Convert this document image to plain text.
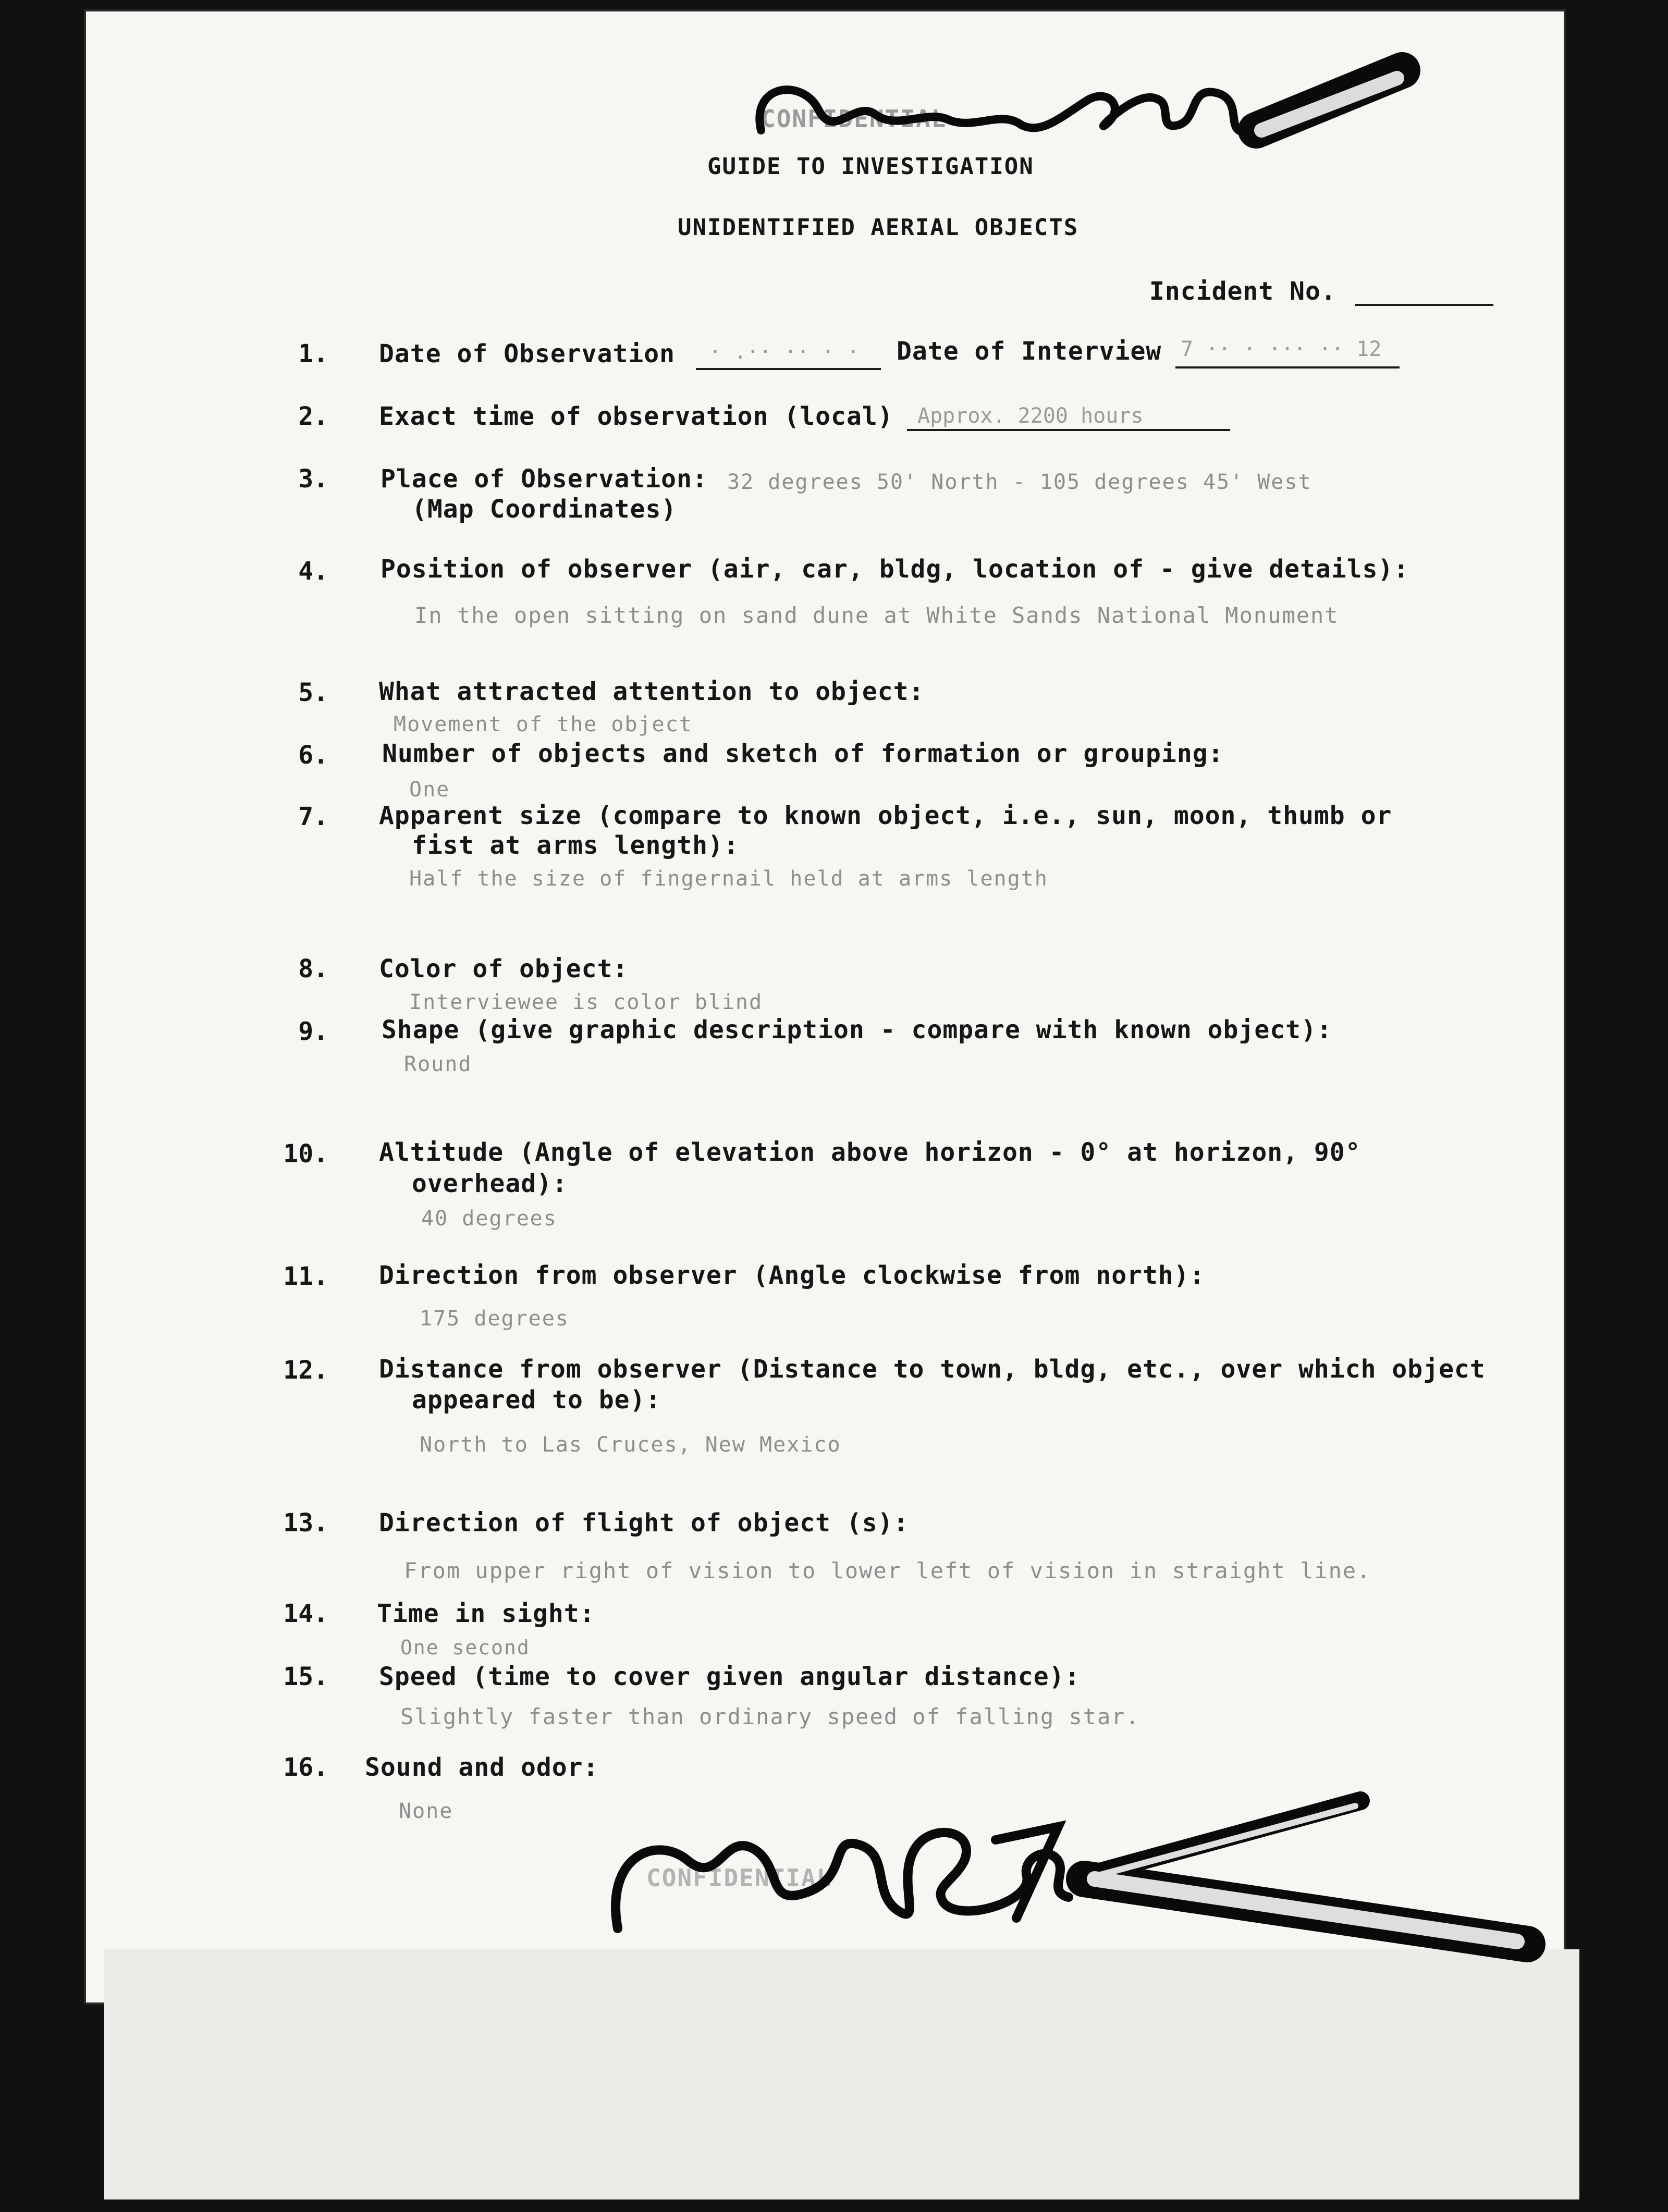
CONFIDENTIAL
GUIDE TO INVESTIGATION
UNIDENTIFIED AERIAL OBJECTS
Incident No.
1. Date of Observation · .·· ·· · · Date of Interview 7 ·· · ··· ·· 12
2. Exact time of observation (local) Approx. 2200 hours
3. Place of Observation: 32 degrees 50' North - 105 degrees 45' West
(Map Coordinates)
4. Position of observer (air, car, bldg, location of - give details):
In the open sitting on sand dune at White Sands National Monument
5. What attracted attention to object:
Movement of the object
6. Number of objects and sketch of formation or grouping:
One
7. Apparent size (compare to known object, i.e., sun, moon, thumb or
fist at arms length):
Half the size of fingernail held at arms length
8. Color of object:
Interviewee is color blind
9. Shape (give graphic description - compare with known object):
Round
10. Altitude (Angle of elevation above horizon - 0° at horizon, 90°
overhead):
40 degrees
11. Direction from observer (Angle clockwise from north):
175 degrees
12. Distance from observer (Distance to town, bldg, etc., over which object
appeared to be):
North to Las Cruces, New Mexico
13. Direction of flight of object (s):
From upper right of vision to lower left of vision in straight line.
14. Time in sight:
One second
15. Speed (time to cover given angular distance):
Slightly faster than ordinary speed of falling star.
16. Sound and odor:
None
CONFIDENTIAL
